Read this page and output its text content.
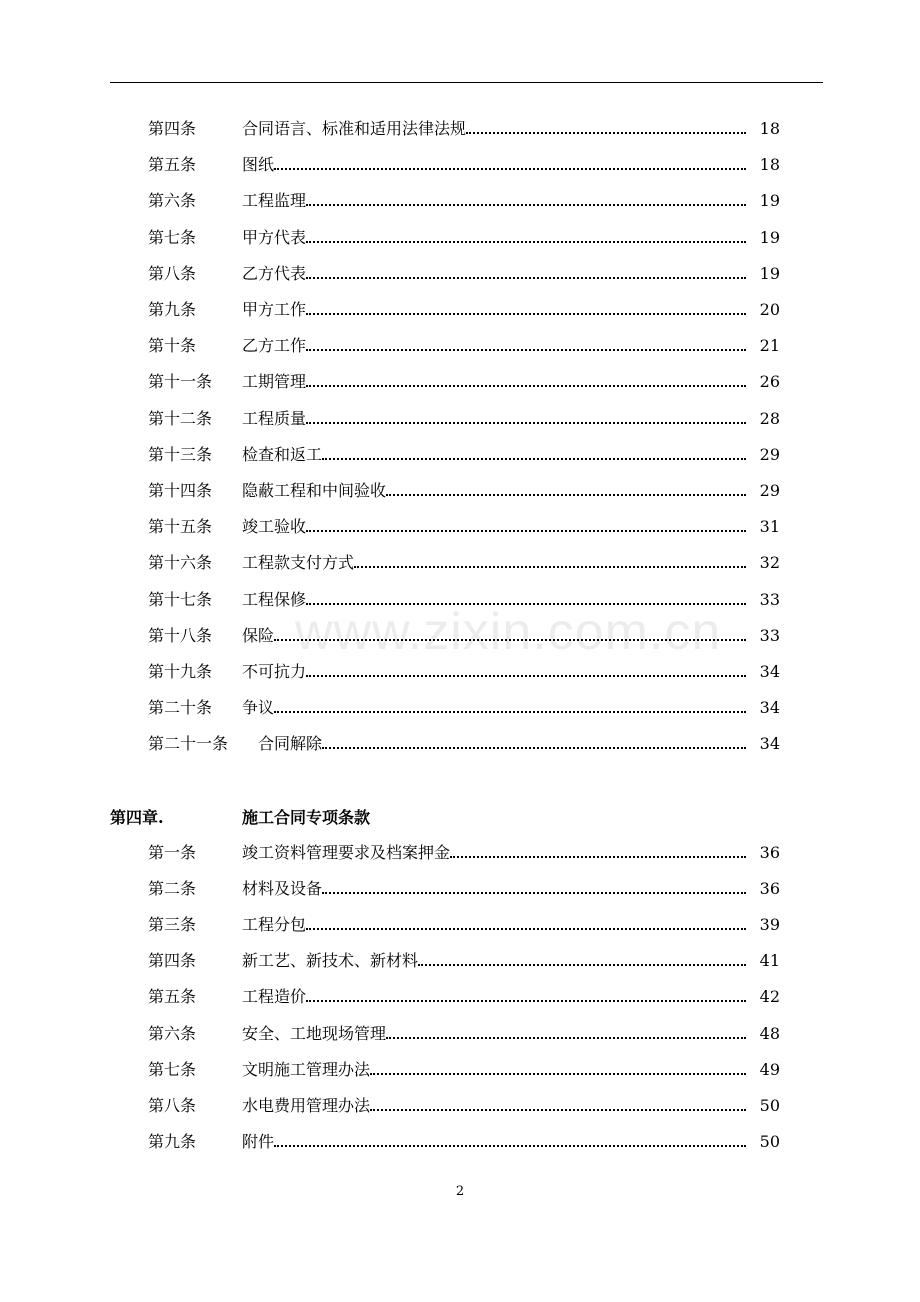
www.zixin.com.cn
第四条	合同语言、标准和适用法律法规	18
第五条	图纸	18
第六条	工程监理	19
第七条	甲方代表	19
第八条	乙方代表	19
第九条	甲方工作	20
第十条	乙方工作	21
第十一条	工期管理	26
第十二条	工程质量	28
第十三条	检查和返工	29
第十四条	隐蔽工程和中间验收	29
第十五条	竣工验收	31
第十六条	工程款支付方式	32
第十七条	工程保修	33
第十八条	保险	33
第十九条	不可抗力	34
第二十条	争议	34
第二十一条	合同解除	34
第四章.	施工合同专项条款
第一条	竣工资料管理要求及档案押金	36
第二条	材料及设备	36
第三条	工程分包	39
第四条	新工艺、新技术、新材料	41
第五条	工程造价	42
第六条	安全、工地现场管理	48
第七条	文明施工管理办法	49
第八条	水电费用管理办法	50
第九条	附件	50
2
